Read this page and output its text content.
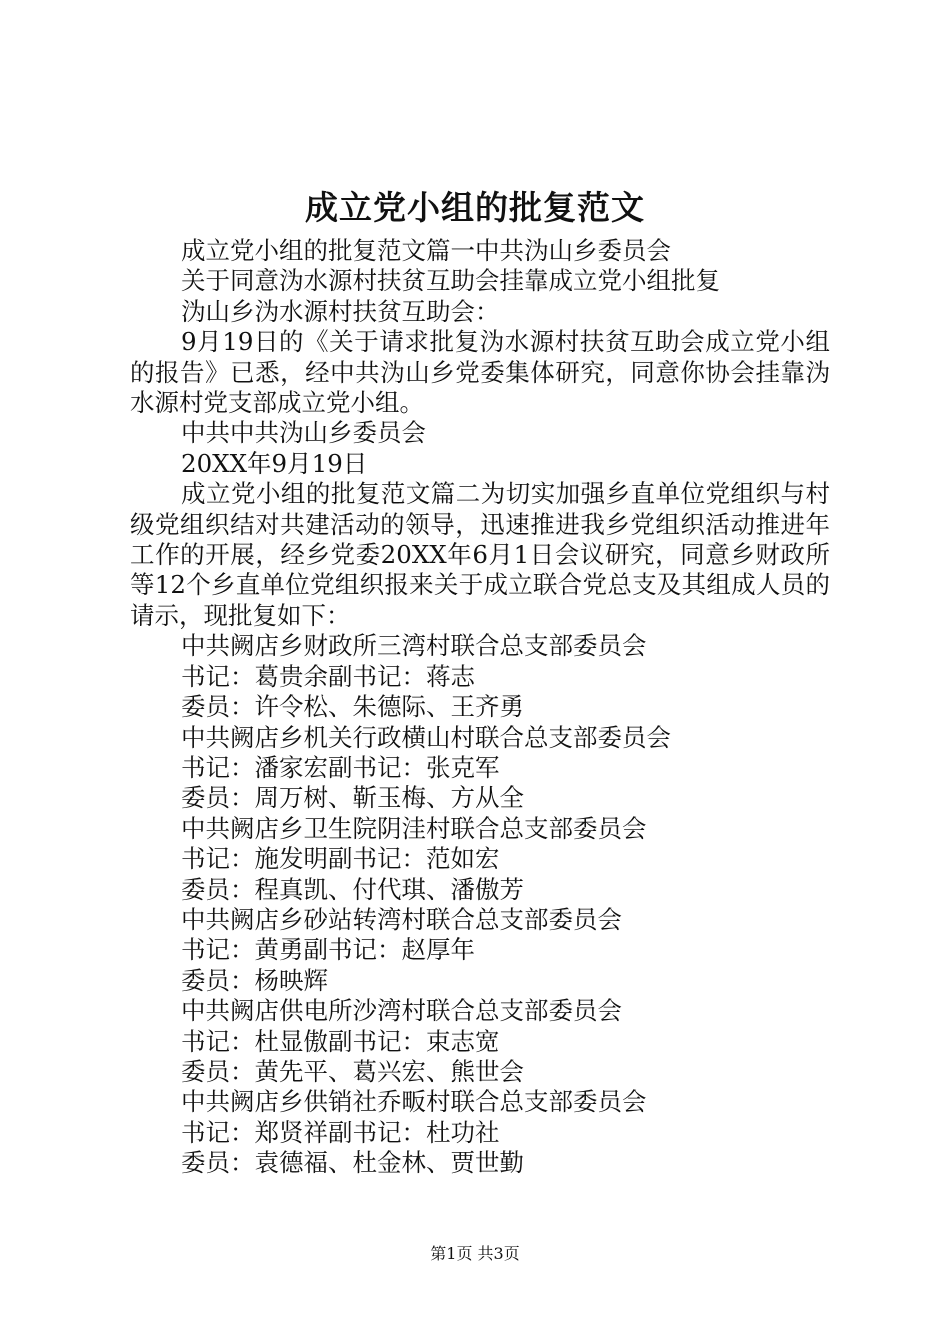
成立党小组的批复范文

成立党小组的批复范文篇一中共沩山乡委员会

关于同意沩水源村扶贫互助会挂靠成立党小组批复

沩山乡沩水源村扶贫互助会：

9月19日的《关于请求批复沩水源村扶贫互助会成立党小组的报告》已悉，经中共沩山乡党委集体研究，同意你协会挂靠沩水源村党支部成立党小组。

中共中共沩山乡委员会

20XX年9月19日

成立党小组的批复范文篇二为切实加强乡直单位党组织与村级党组织结对共建活动的领导，迅速推进我乡党组织活动推进年工作的开展，经乡党委20XX年6月1日会议研究，同意乡财政所等12个乡直单位党组织报来关于成立联合党总支及其组成人员的请示，现批复如下：

中共阙店乡财政所三湾村联合总支部委员会

书记：葛贵余副书记：蒋志

委员：许令松、朱德际、王齐勇

中共阙店乡机关行政横山村联合总支部委员会

书记：潘家宏副书记：张克军

委员：周万树、靳玉梅、方从全

中共阙店乡卫生院阴洼村联合总支部委员会

书记：施发明副书记：范如宏

委员：程真凯、付代琪、潘傲芳

中共阙店乡砂站转湾村联合总支部委员会

书记：黄勇副书记：赵厚年

委员：杨映辉

中共阙店供电所沙湾村联合总支部委员会

书记：杜显傲副书记：束志宽

委员：黄先平、葛兴宏、熊世会

中共阙店乡供销社乔畈村联合总支部委员会

书记：郑贤祥副书记：杜功社

委员：袁德福、杜金林、贾世勤

第1页 共3页
